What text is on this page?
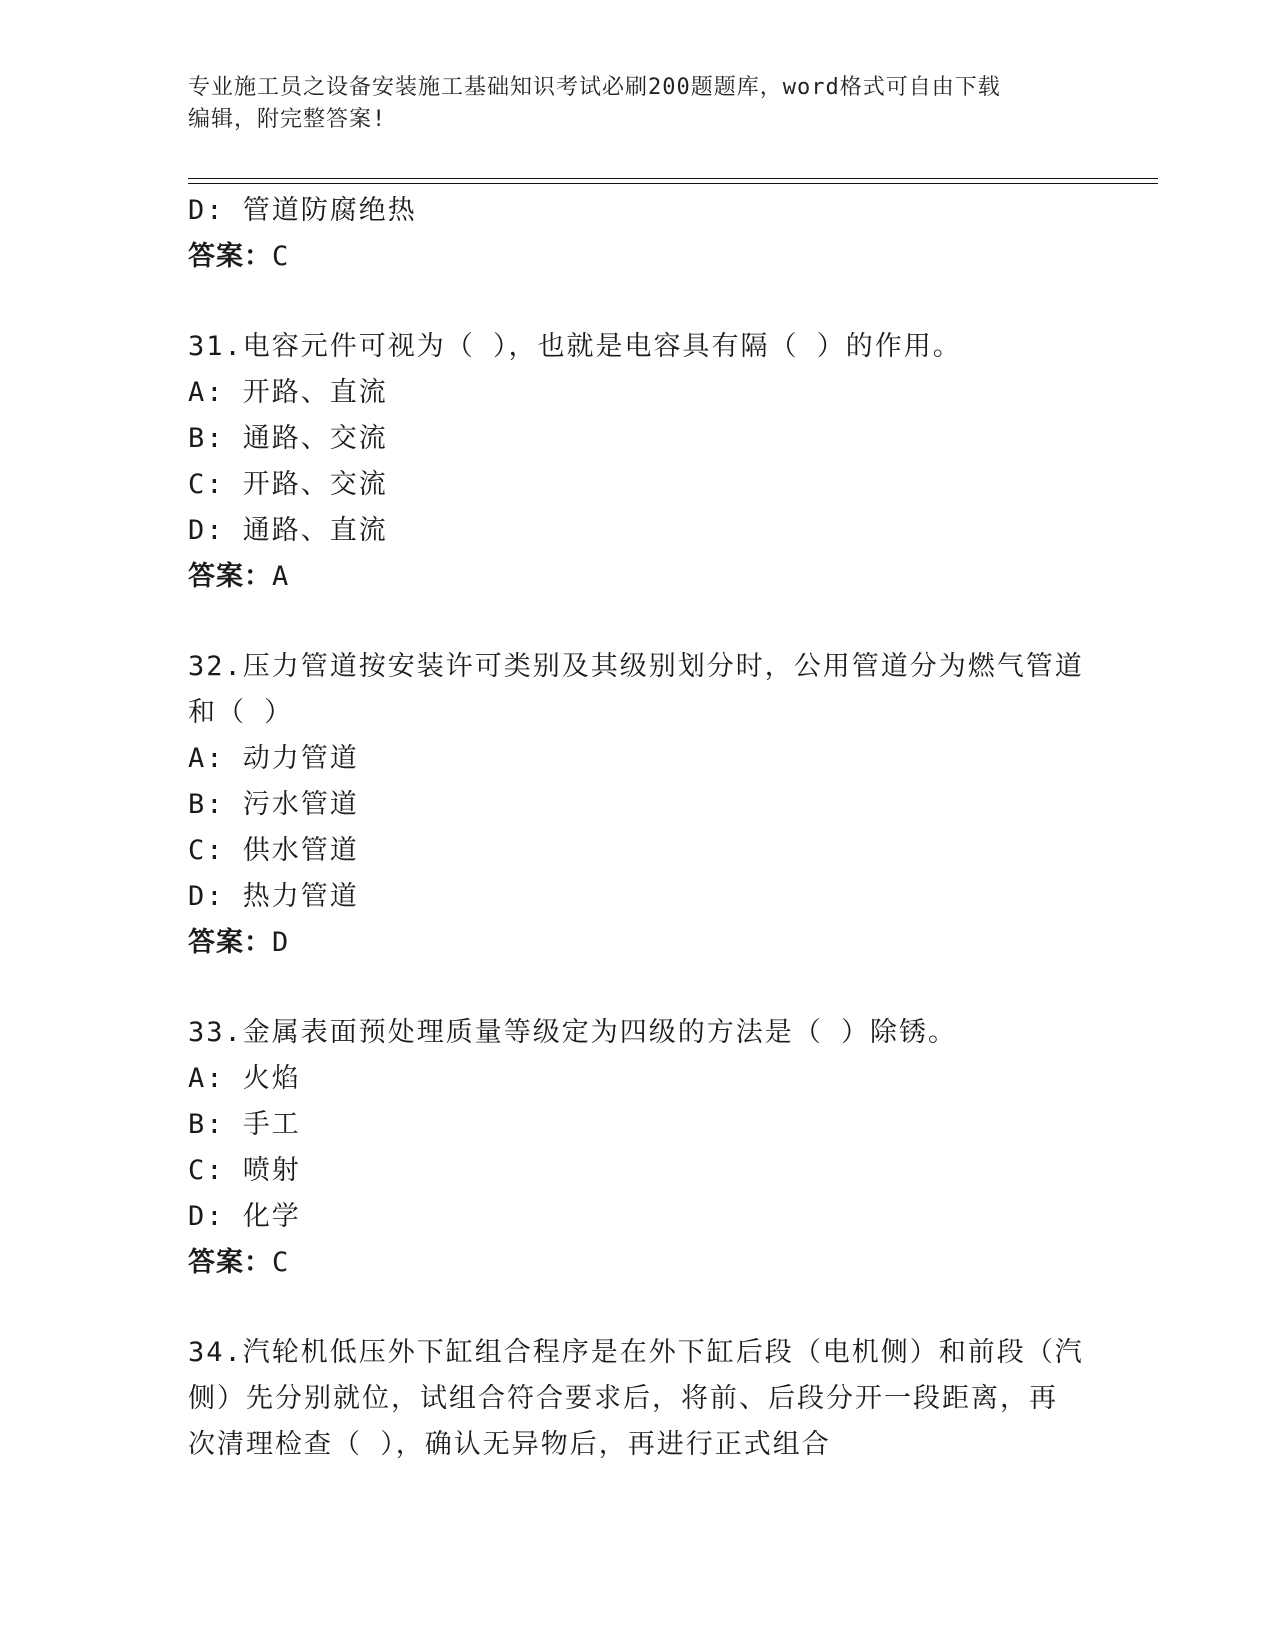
专业施工员之设备安装施工基础知识考试必刷200题题库，word格式可自由下载
编辑，附完整答案!
D: 管道防腐绝热
答案：C
31.电容元件可视为（ ），也就是电容具有隔（ ）的作用。
A: 开路、直流
B: 通路、交流
C: 开路、交流
D: 通路、直流
答案：A
32.压力管道按安装许可类别及其级别划分时，公用管道分为燃气管道
和（ ）
A: 动力管道
B: 污水管道
C: 供水管道
D: 热力管道
答案：D
33.金属表面预处理质量等级定为四级的方法是（ ）除锈。
A: 火焰
B: 手工
C: 喷射
D: 化学
答案：C
34.汽轮机低压外下缸组合程序是在外下缸后段（电机侧）和前段（汽
侧）先分别就位，试组合符合要求后，将前、后段分开一段距离，再
次清理检查（ ），确认无异物后，再进行正式组合
